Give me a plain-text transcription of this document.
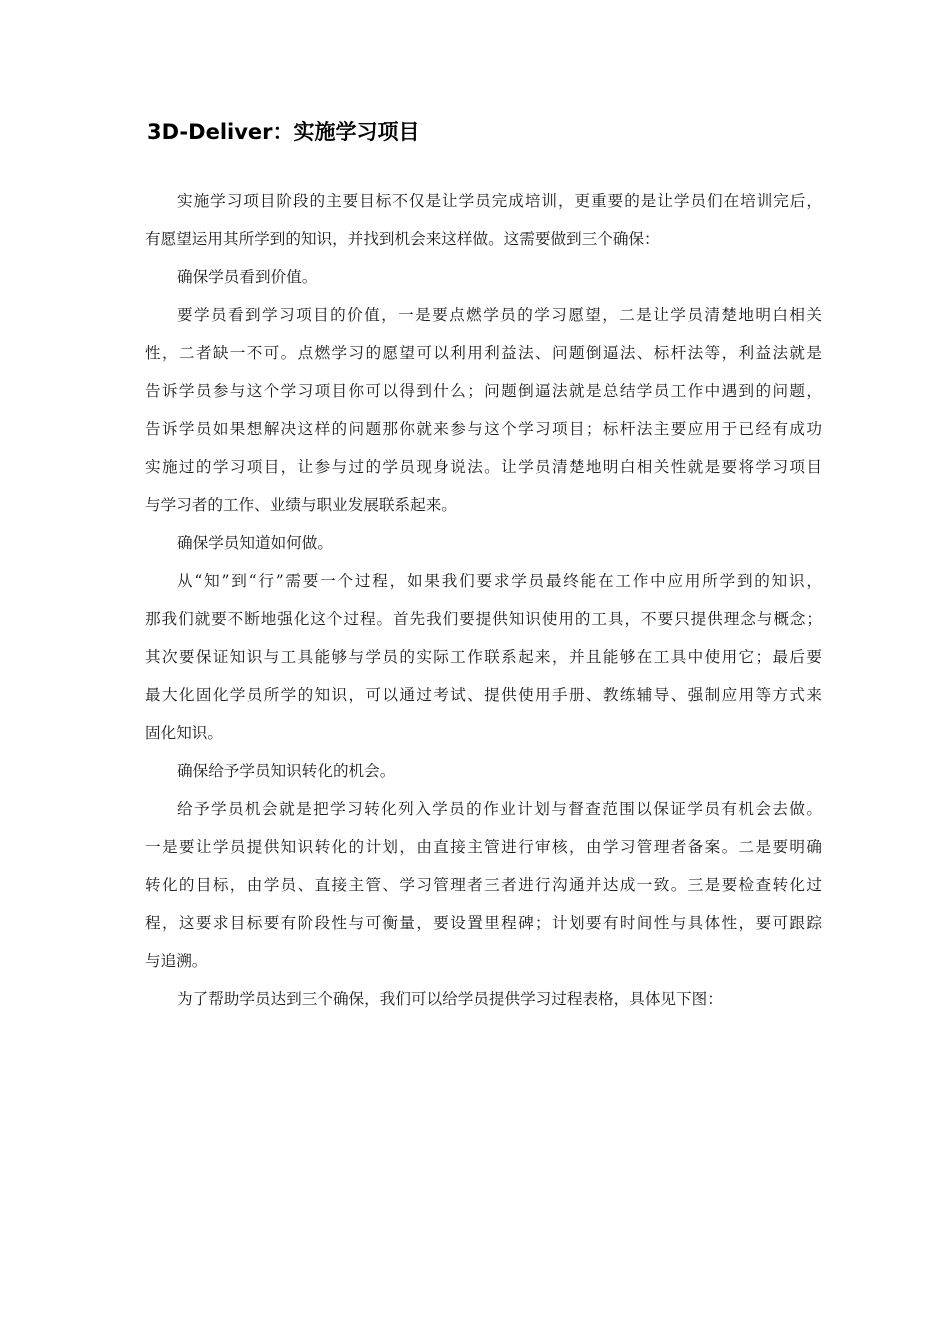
3D-Deliver：实施学习项目
实施学习项目阶段的主要目标不仅是让学员完成培训，更重要的是让学员们在培训完后，
有愿望运用其所学到的知识，并找到机会来这样做。这需要做到三个确保：
确保学员看到价值。
要学员看到学习项目的价值，一是要点燃学员的学习愿望，二是让学员清楚地明白相关
性，二者缺一不可。点燃学习的愿望可以利用利益法、问题倒逼法、标杆法等，利益法就是
告诉学员参与这个学习项目你可以得到什么；问题倒逼法就是总结学员工作中遇到的问题，
告诉学员如果想解决这样的问题那你就来参与这个学习项目；标杆法主要应用于已经有成功
实施过的学习项目，让参与过的学员现身说法。让学员清楚地明白相关性就是要将学习项目
与学习者的工作、业绩与职业发展联系起来。
确保学员知道如何做。
从“知”到“行”需要一个过程，如果我们要求学员最终能在工作中应用所学到的知识，
那我们就要不断地强化这个过程。首先我们要提供知识使用的工具，不要只提供理念与概念；
其次要保证知识与工具能够与学员的实际工作联系起来，并且能够在工具中使用它；最后要
最大化固化学员所学的知识，可以通过考试、提供使用手册、教练辅导、强制应用等方式来
固化知识。
确保给予学员知识转化的机会。
给予学员机会就是把学习转化列入学员的作业计划与督查范围以保证学员有机会去做。
一是要让学员提供知识转化的计划，由直接主管进行审核，由学习管理者备案。二是要明确
转化的目标，由学员、直接主管、学习管理者三者进行沟通并达成一致。三是要检查转化过
程，这要求目标要有阶段性与可衡量，要设置里程碑；计划要有时间性与具体性，要可跟踪
与追溯。
为了帮助学员达到三个确保，我们可以给学员提供学习过程表格，具体见下图：
